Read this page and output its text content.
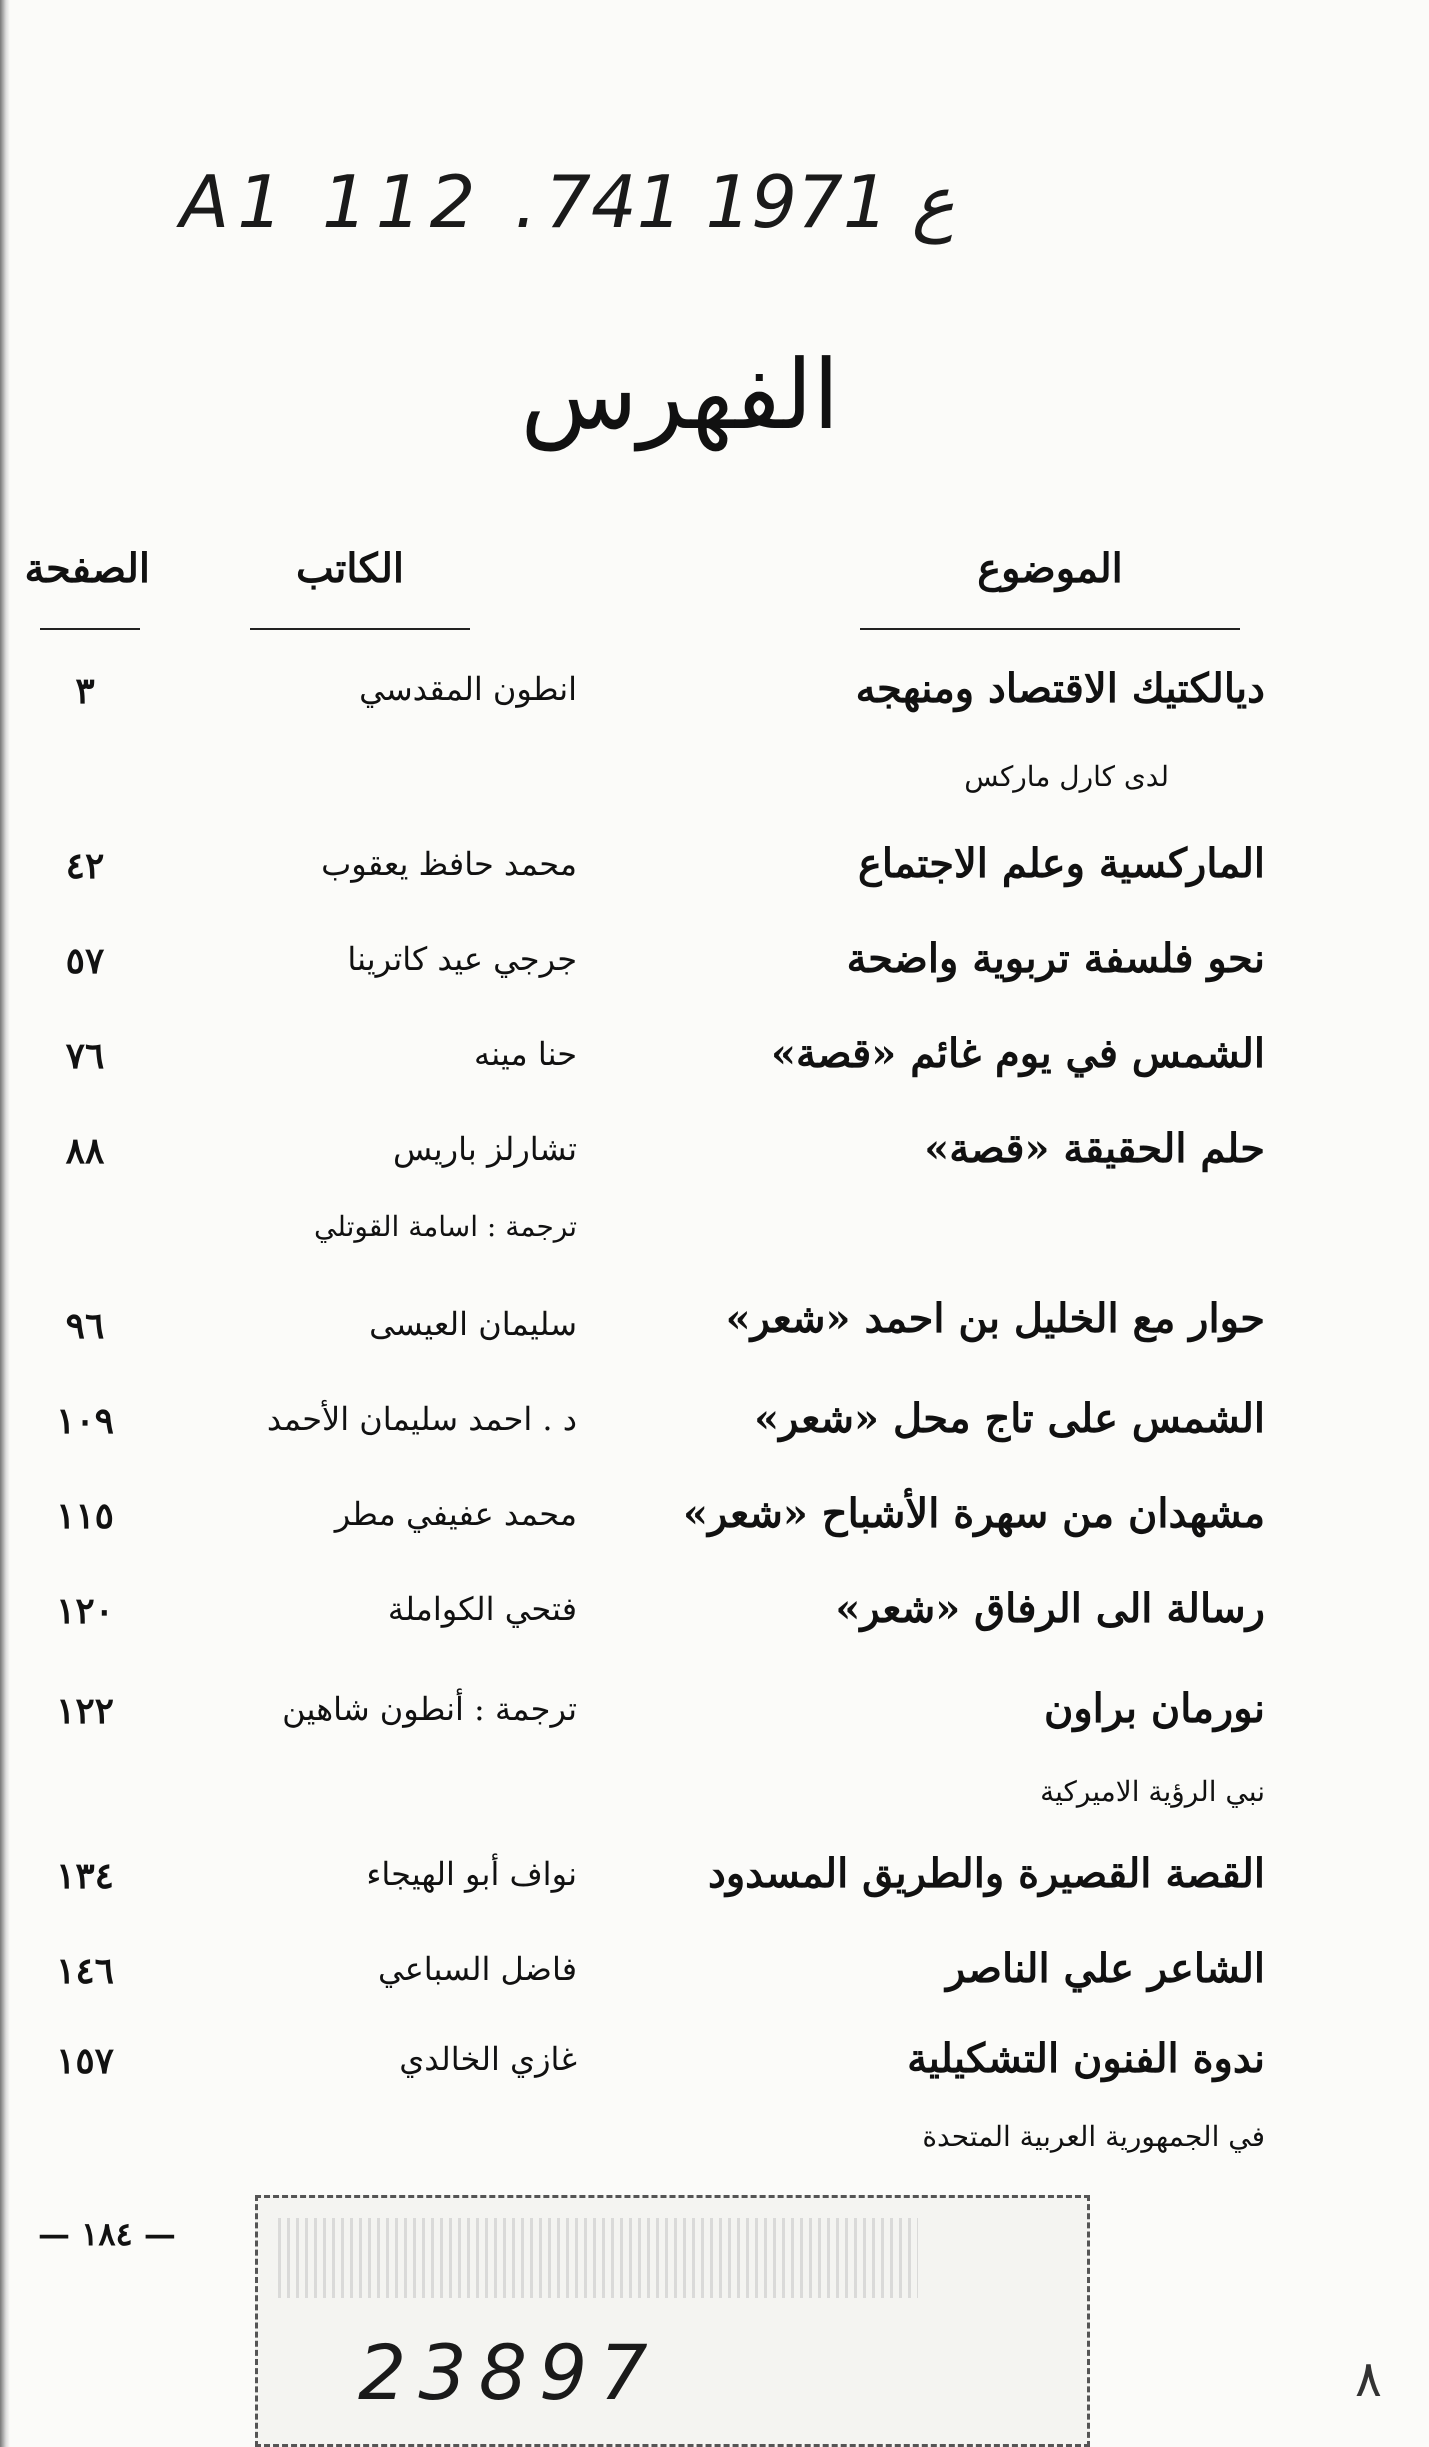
A1 112 .ع 1971 741
الفهرس
الموضوع
الكاتب
الصفحة
ديالكتيك الاقتصاد ومنهجه
انطون المقدسي
٣
لدى كارل ماركس
الماركسية وعلم الاجتماع
محمد حافظ يعقوب
٤٢
نحو فلسفة تربوية واضحة
جرجي عيد كاترينا
٥٧
الشمس في يوم غائم «قصة»
حنا مينه
٧٦
حلم الحقيقة «قصة»
تشارلز باريس
٨٨
ترجمة : اسامة القوتلي
حوار مع الخليل بن احمد «شعر»
سليمان العيسى
٩٦
الشمس على تاج محل «شعر»
د . احمد سليمان الأحمد
١٠٩
مشهدان من سهرة الأشباح «شعر»
محمد عفيفي مطر
١١٥
رسالة الى الرفاق «شعر»
فتحي الكواملة
١٢٠
نورمان براون
ترجمة : أنطون شاهين
١٢٢
نبي الرؤية الاميركية
القصة القصيرة والطريق المسدود
نواف أبو الهيجاء
١٣٤
الشاعر علي الناصر
فاضل السباعي
١٤٦
ندوة الفنون التشكيلية
غازي الخالدي
١٥٧
في الجمهورية العربية المتحدة
— ١٨٤ —
23897	٨
